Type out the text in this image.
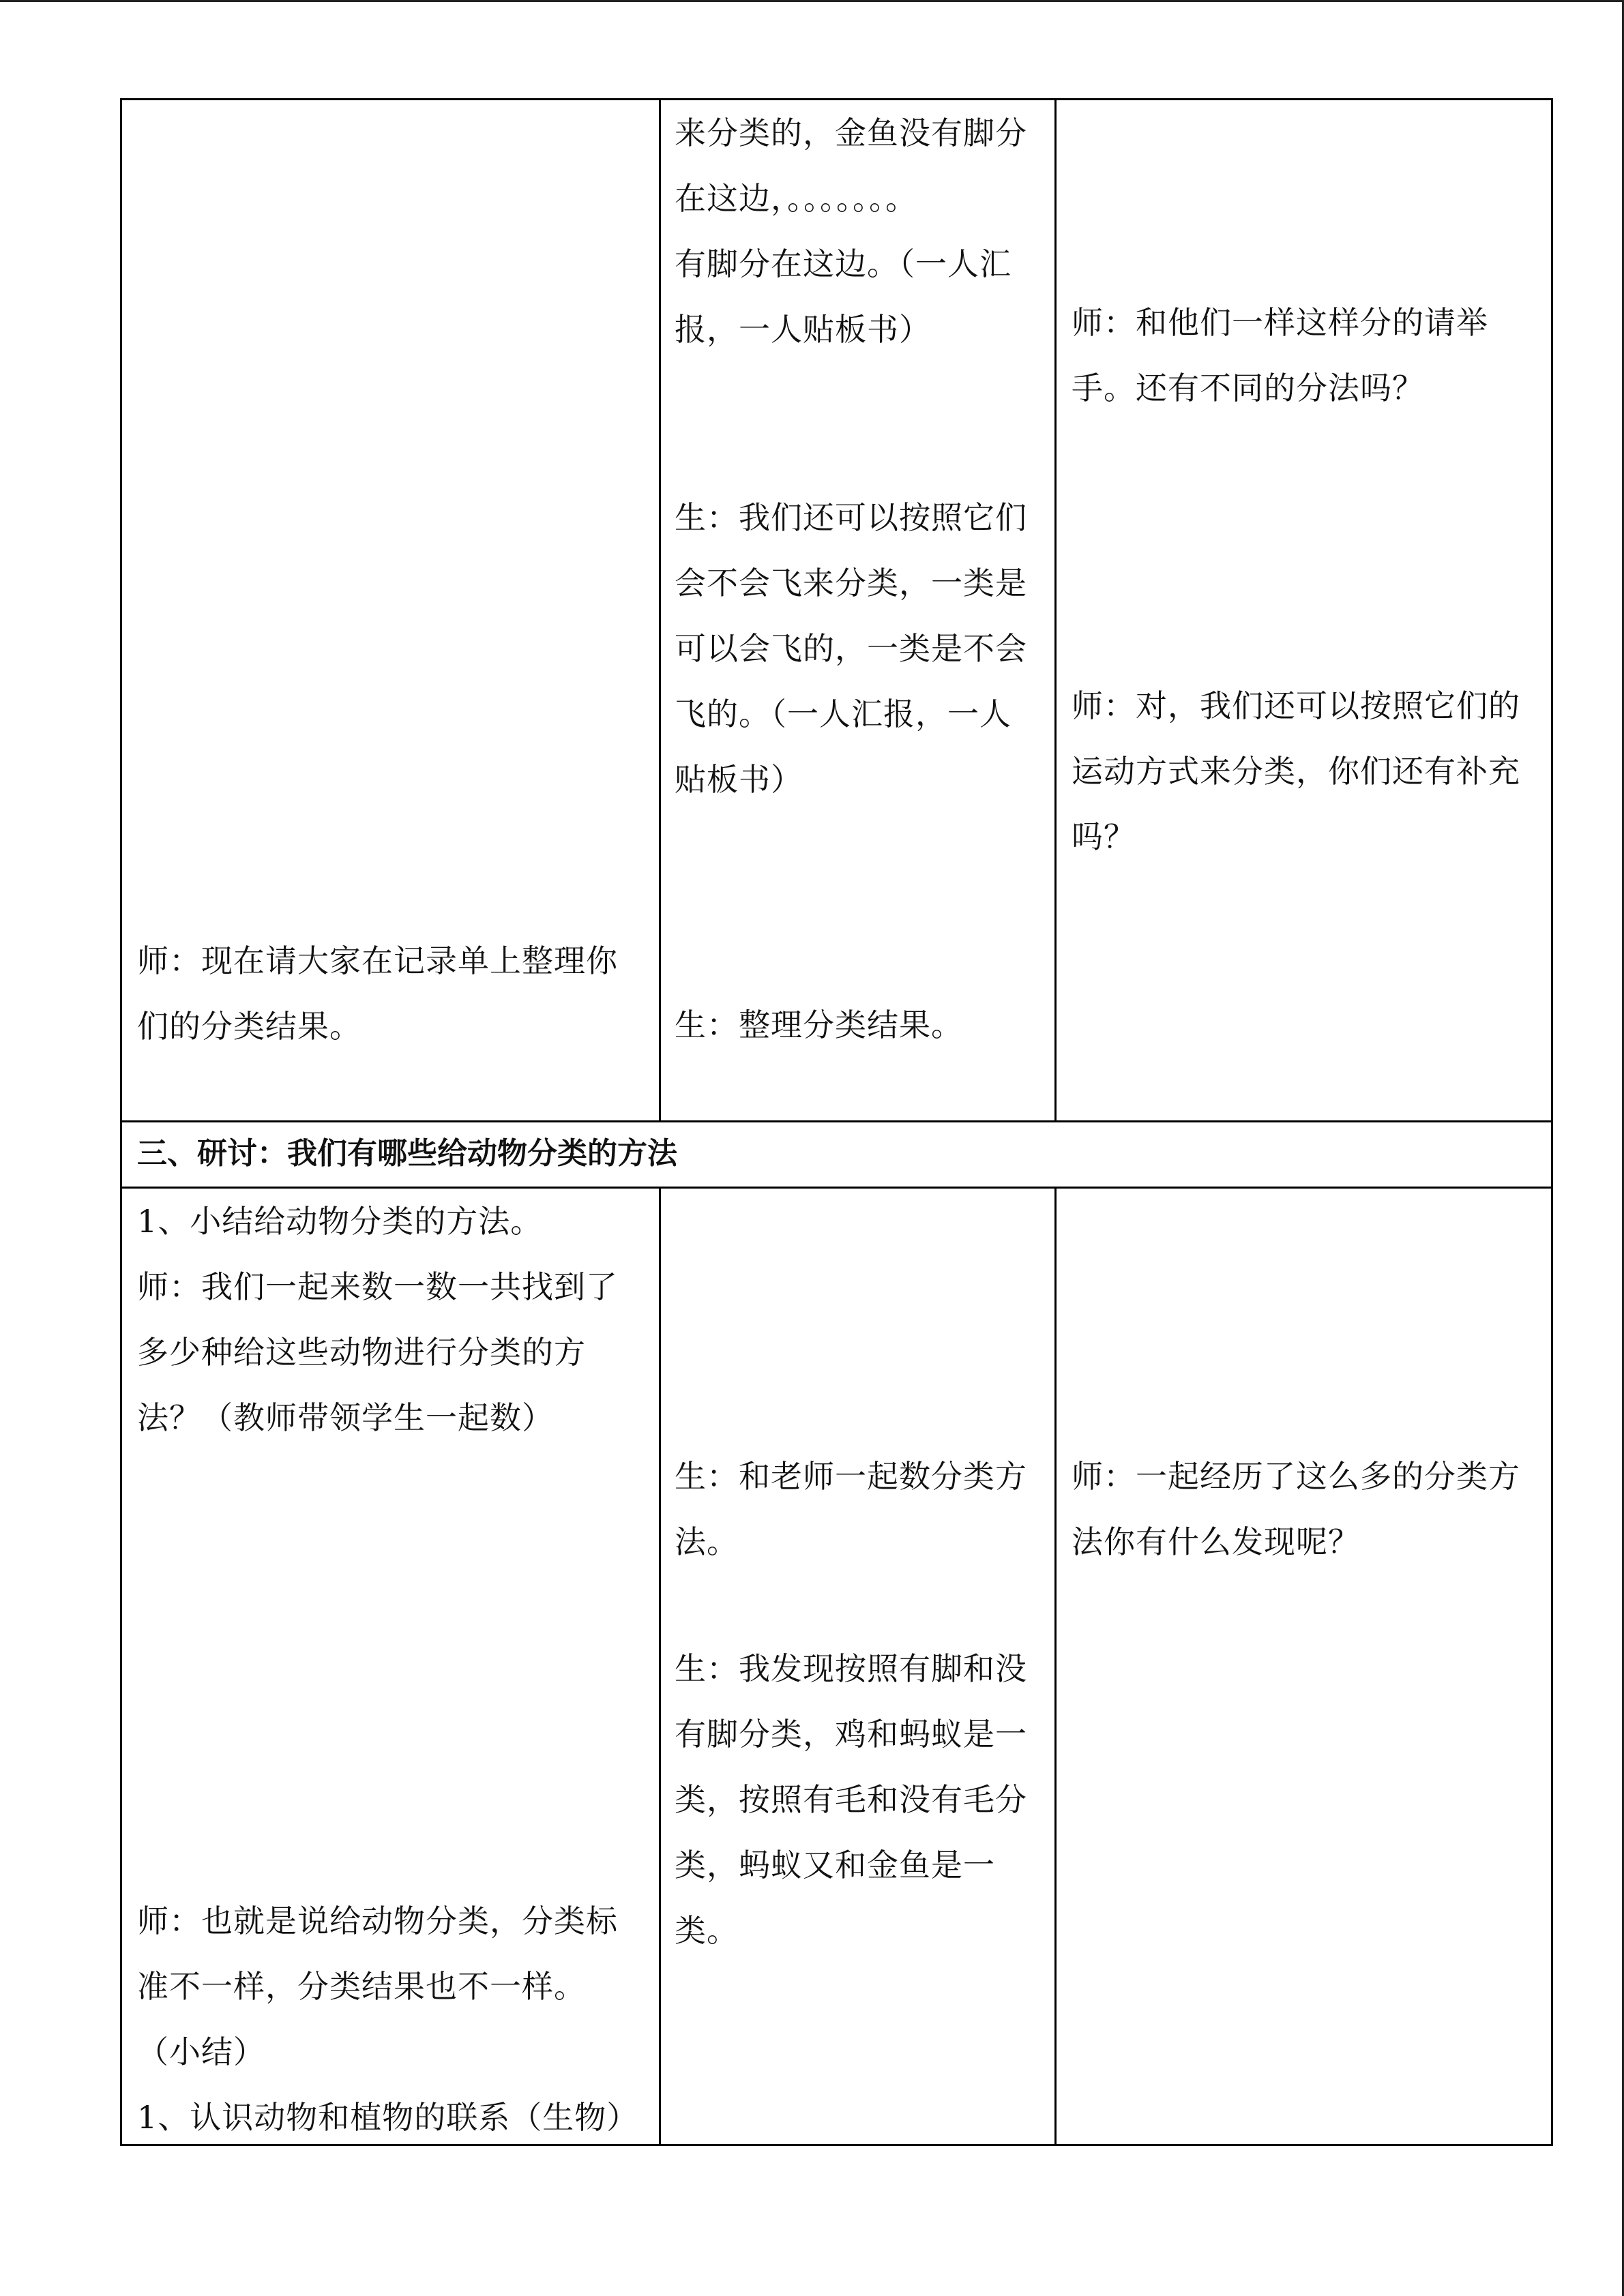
师：现在请大家在记录单上整理你
们的分类结果。

来分类的，金鱼没有脚分
在这边，。。。。。。。
有脚分在这边。（一人汇
报，一人贴板书）

生：我们还可以按照它们
会不会飞来分类，一类是
可以会飞的，一类是不会
飞的。（一人汇报，一人
贴板书）

生：整理分类结果。

师：和他们一样这样分的请举
手。还有不同的分法吗？

师：对，我们还可以按照它们的
运动方式来分类，你们还有补充
吗？

三、研讨：我们有哪些给动物分类的方法

1、小结给动物分类的方法。
师：我们一起来数一数一共找到了
多少种给这些动物进行分类的方
法？（教师带领学生一起数）

师：也就是说给动物分类，分类标
准不一样，分类结果也不一样。
（小结）
1、认识动物和植物的联系（生物）

生：和老师一起数分类方
法。

生：我发现按照有脚和没
有脚分类，鸡和蚂蚁是一
类，按照有毛和没有毛分
类，蚂蚁又和金鱼是一
类。

师：一起经历了这么多的分类方
法你有什么发现呢？
